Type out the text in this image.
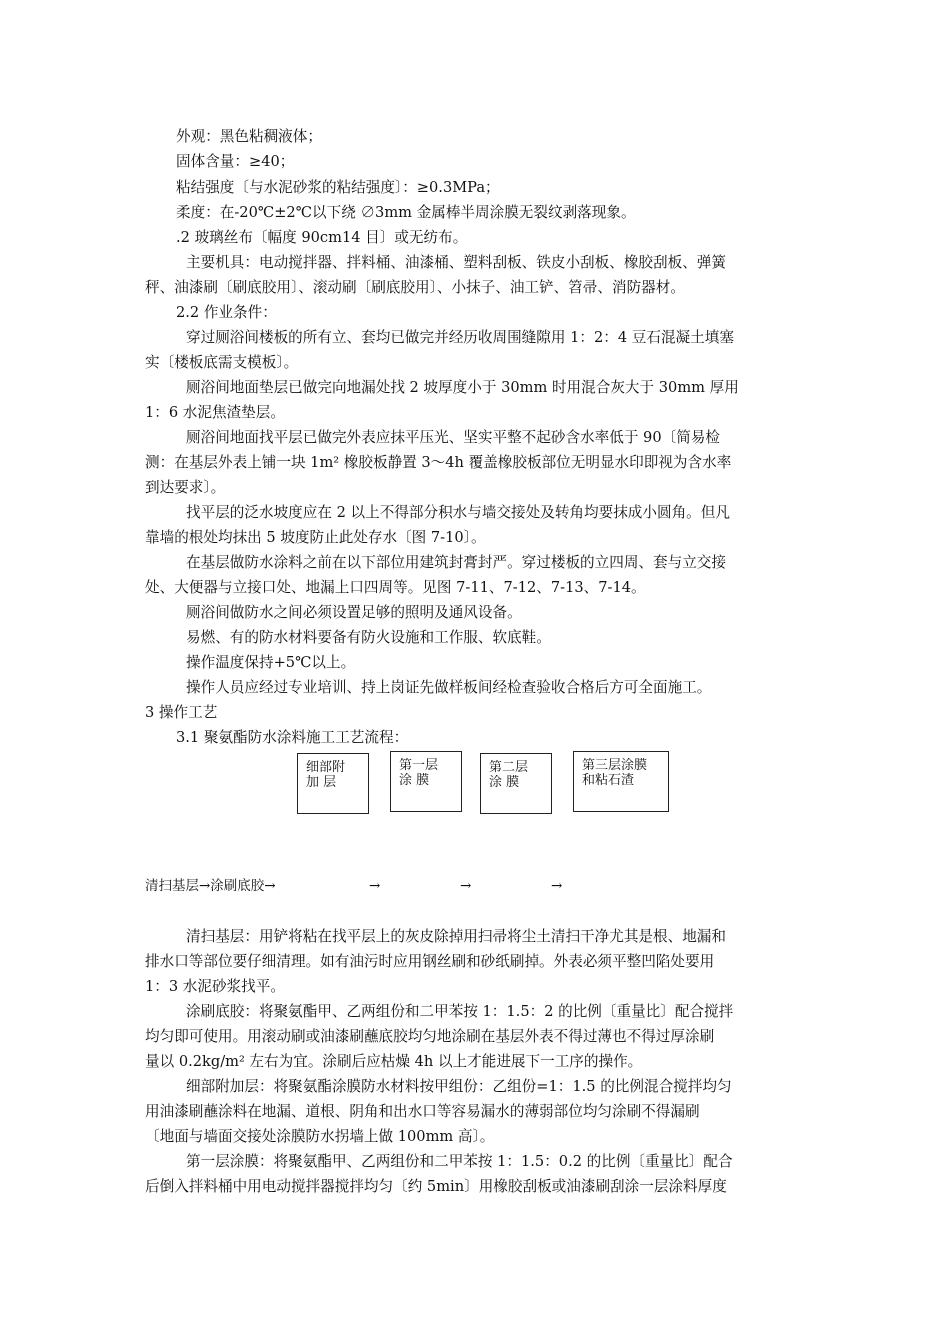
外观：黑色粘稠液体；
固体含量：≥40；
粘结强度〔与水泥砂浆的粘结强度〕：≥0.3MPa；
柔度：在-20℃±2℃以下绕 ∅3mm 金属棒半周涂膜无裂纹剥落现象。
.2 玻璃丝布〔幅度 90cm14 目〕或无纺布。
主要机具：电动搅拌器、拌料桶、油漆桶、塑料刮板、铁皮小刮板、橡胶刮板、弹簧
秤、油漆刷〔刷底胶用〕、滚动刷〔刷底胶用〕、小抹子、油工铲、笤帚、消防器材。
2.2 作业条件：
穿过厕浴间楼板的所有立、套均已做完并经历收周围缝隙用 1：2：4 豆石混凝土填塞
实〔楼板底需支模板〕。
厕浴间地面垫层已做完向地漏处找 2 坡厚度小于 30mm 时用混合灰大于 30mm 厚用
1：6 水泥焦渣垫层。
厕浴间地面找平层已做完外表应抹平压光、坚实平整不起砂含水率低于 90〔简易检
测：在基层外表上铺一块 1m² 橡胶板静置 3～4h 覆盖橡胶板部位无明显水印即视为含水率
到达要求〕。
找平层的泛水坡度应在 2 以上不得部分积水与墙交接处及转角均要抹成小圆角。但凡
靠墙的根处均抹出 5 坡度防止此处存水〔图 7-10〕。
在基层做防水涂料之前在以下部位用建筑封膏封严。穿过楼板的立四周、套与立交接
处、大便器与立接口处、地漏上口四周等。见图 7-11、7-12、7-13、7-14。
厕浴间做防水之间必须设置足够的照明及通风设备。
易燃、有的防水材料要备有防火设施和工作服、软底鞋。
操作温度保持+5℃以上。
操作人员应经过专业培训、持上岗证先做样板间经检查验收合格后方可全面施工。
3 操作工艺
3.1 聚氨酯防水涂料施工工艺流程：
细部附
加 层
第一层
涂 膜
第二层
涂 膜
第三层涂膜
和粘石渣
清扫基层→涂刷底胶→	→	→	→
清扫基层：用铲将粘在找平层上的灰皮除掉用扫帚将尘土清扫干净尤其是根、地漏和
排水口等部位要仔细清理。如有油污时应用钢丝刷和砂纸刷掉。外表必须平整凹陷处要用
1：3 水泥砂浆找平。
涂刷底胶：将聚氨酯甲、乙两组份和二甲苯按 1：1.5：2 的比例〔重量比〕配合搅拌
均匀即可使用。用滚动刷或油漆刷蘸底胶均匀地涂刷在基层外表不得过薄也不得过厚涂刷
量以 0.2kg/m² 左右为宜。涂刷后应枯燥 4h 以上才能进展下一工序的操作。
细部附加层：将聚氨酯涂膜防水材料按甲组份：乙组份=1：1.5 的比例混合搅拌均匀
用油漆刷蘸涂料在地漏、道根、阴角和出水口等容易漏水的薄弱部位均匀涂刷不得漏刷
〔地面与墙面交接处涂膜防水拐墙上做 100mm 高〕。
第一层涂膜：将聚氨酯甲、乙两组份和二甲苯按 1：1.5：0.2 的比例〔重量比〕配合
后倒入拌料桶中用电动搅拌器搅拌均匀〔约 5min〕用橡胶刮板或油漆刷刮涂一层涂料厚度
